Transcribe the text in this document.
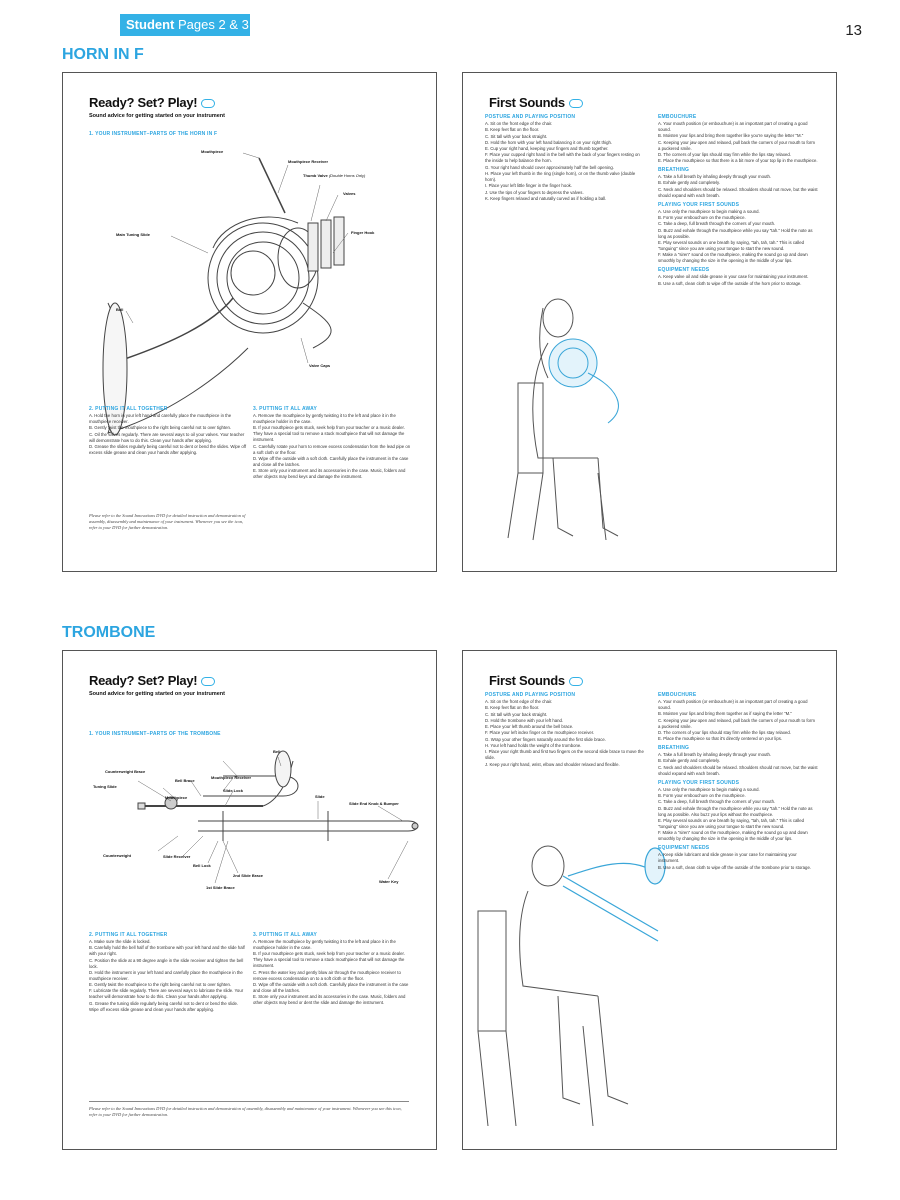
Student Pages 2 & 3	13
HORN IN F
TROMBONE
Ready? Set? Play!
Sound advice for getting started on your instrument
1. YOUR INSTRUMENT–PARTS OF THE HORN IN F
Mouthpiece
Mouthpiece Receiver
Thumb Valve (Double Horns Only)
Valves
Main Tuning Slide	Finger Hook
Bell
Valve Caps
2. PUTTING IT ALL TOGETHER

A. Hold the horn in your left hand and carefully place the mouthpiece in the mouthpiece receiver.

B. Gently twist the mouthpiece to the right being careful not to over tighten.

C. Oil the valves regularly. There are several ways to oil your valves. Your teacher will demonstrate how to do this. Clean your hands after applying.

D. Grease the slides regularly being careful not to dent or bend the slides. Wipe off excess slide grease and clean your hands after applying.

3. PUTTING IT ALL AWAY

A. Remove the mouthpiece by gently twisting it to the left and place it in the mouthpiece holder in the case.

B. If your mouthpiece gets stuck, seek help from your teacher or a music dealer. They have a special tool to remove a stuck mouthpiece that will not damage the instrument.

C. Carefully rotate your horn to remove excess condensation from the lead pipe on a soft cloth or the floor.

D. Wipe off the outside with a soft cloth. Carefully place the instrument in the case and close all the latches.

E. Store only your instrument and its accessories in the case. Music, folders and other objects may bend keys and damage the instrument.

Please refer to the Sound Innovations DVD for detailed instruction and demonstration of assembly, disassembly and maintenance of your instrument. Whenever you see the icon, refer to your DVD for further demonstration.
First Sounds
POSTURE AND PLAYING POSITION

A. Sit on the front edge of the chair.

B. Keep feet flat on the floor.

C. Sit tall with your back straight.

D. Hold the horn with your left hand balancing it on your right thigh.

E. Cup your right hand, keeping your fingers and thumb together.

F. Place your cupped right hand in the bell with the back of your fingers resting on the inside to help balance the horn.

G. Your right hand should cover approximately half the bell opening.

H. Place your left thumb in the ring (single horn), or on the thumb valve (double horn).

I. Place your left little finger in the finger hook.

J. Use the tips of your fingers to depress the valves.

K. Keep fingers relaxed and naturally curved as if holding a ball.

EMBOUCHURE

A. Your mouth position (or embouchure) is an important part of creating a good sound.

B. Moisten your lips and bring them together like you're saying the letter "M."

C. Keeping your jaw open and relaxed, pull back the corners of your mouth to form a puckered smile.

D. The corners of your lips should stay firm while the lips stay relaxed.

E. Place the mouthpiece so that there is a bit more of your top lip in the mouthpiece.

BREATHING

A. Take a full breath by inhaling deeply through your mouth.

B. Exhale gently and completely.

C. Neck and shoulders should be relaxed. Shoulders should not move, but the waist should expand with each breath.

PLAYING YOUR FIRST SOUNDS

A. Use only the mouthpiece to begin making a sound.

B. Form your embouchure on the mouthpiece.

C. Take a deep, full breath through the corners of your mouth.

D. Buzz and exhale through the mouthpiece while you say "tah." Hold the note as long as possible.

E. Play several sounds on one breath by saying, "tah, tah, tah." This is called "tonguing" since you are using your tongue to start the new sound.

F. Make a "siren" sound on the mouthpiece, making the sound go up and down smoothly by changing the size in the opening in the middle of your lips.

EQUIPMENT NEEDS

A. Keep valve oil and slide grease in your case for maintaining your instrument.

B. Use a soft, clean cloth to wipe off the outside of the horn prior to storage.

Ready? Set? Play!
Sound advice for getting started on your instrument
1. YOUR INSTRUMENT–PARTS OF THE TROMBONE
Bell
Counterweight Brace
Bell Brace
Mouthpiece Receiver
Tuning Slide
Slide Lock
Mouthpiece	Slide
Slide End Knob & Bumper
Counterweight	Slide Receiver
Bell Lock
2nd Slide Brace
1st Slide Brace
Water Key
2. PUTTING IT ALL TOGETHER

A. Make sure the slide is locked.

B. Carefully hold the bell half of the trombone with your left hand and the slide half with your right.

C. Position the slide at a 90 degree angle in the slide receiver and tighten the bell lock.

D. Hold the instrument in your left hand and carefully place the mouthpiece in the mouthpiece receiver.

E. Gently twist the mouthpiece to the right being careful not to over tighten.

F. Lubricate the slide regularly. There are several ways to lubricate the slide. Your teacher will demonstrate how to do this. Clean your hands after applying.

G. Grease the tuning slide regularly being careful not to dent or bend the slide. Wipe off excess slide grease and clean your hands after applying.

3. PUTTING IT ALL AWAY

A. Remove the mouthpiece by gently twisting it to the left and place it in the mouthpiece holder in the case.

B. If your mouthpiece gets stuck, seek help from your teacher or a music dealer. They have a special tool to remove a stuck mouthpiece that will not damage the instrument.

C. Press the water key and gently blow air through the mouthpiece receiver to remove excess condensation on to a soft cloth or the floor.

D. Wipe off the outside with a soft cloth. Carefully place the instrument in the case and close all the latches.

E. Store only your instrument and its accessories in the case. Music, folders and other objects may bend or dent the slide and damage the instrument.

Please refer to the Sound Innovations DVD for detailed instruction and demonstration of assembly, disassembly and maintenance of your instrument. Whenever you see this icon, refer to your DVD for further demonstration.
First Sounds
POSTURE AND PLAYING POSITION

A. Sit on the front edge of the chair.

B. Keep feet flat on the floor.

C. Sit tall with your back straight.

D. Hold the trombone with your left hand.

E. Place your left thumb around the bell brace.

F. Place your left index finger on the mouthpiece receiver.

G. Wrap your other fingers naturally around the first slide brace.

H. Your left hand holds the weight of the trombone.

I. Place your right thumb and first two fingers on the second slide brace to move the slide.

J. Keep your right hand, wrist, elbow and shoulder relaxed and flexible.

EMBOUCHURE

A. Your mouth position (or embouchure) is an important part of creating a good sound.

B. Moisten your lips and bring them together as if saying the letter "M."

C. Keeping your jaw open and relaxed, pull back the corners of your mouth to form a puckered smile.

D. The corners of your lips should stay firm while the lips stay relaxed.

E. Place the mouthpiece so that it's directly centered on your lips.

BREATHING

A. Take a full breath by inhaling deeply through your mouth.

B. Exhale gently and completely.

C. Neck and shoulders should be relaxed. Shoulders should not move, but the waist should expand with each breath.

PLAYING YOUR FIRST SOUNDS

A. Use only the mouthpiece to begin making a sound.

B. Form your embouchure on the mouthpiece.

C. Take a deep, full breath through the corners of your mouth.

D. Buzz and exhale through the mouthpiece while you say "tah." Hold the note as long as possible. Also buzz your lips without the mouthpiece.

E. Play several sounds on one breath by saying, "tah, tah, tah." This is called "tonguing" since you are using your tongue to start the new sound.

F. Make a "siren" sound on the mouthpiece, making the sound go up and down smoothly by changing the size in the opening in the middle of your lips.

EQUIPMENT NEEDS

A. Keep slide lubricant and slide grease in your case for maintaining your instrument.

B. Use a soft, clean cloth to wipe off the outside of the trombone prior to storage.
